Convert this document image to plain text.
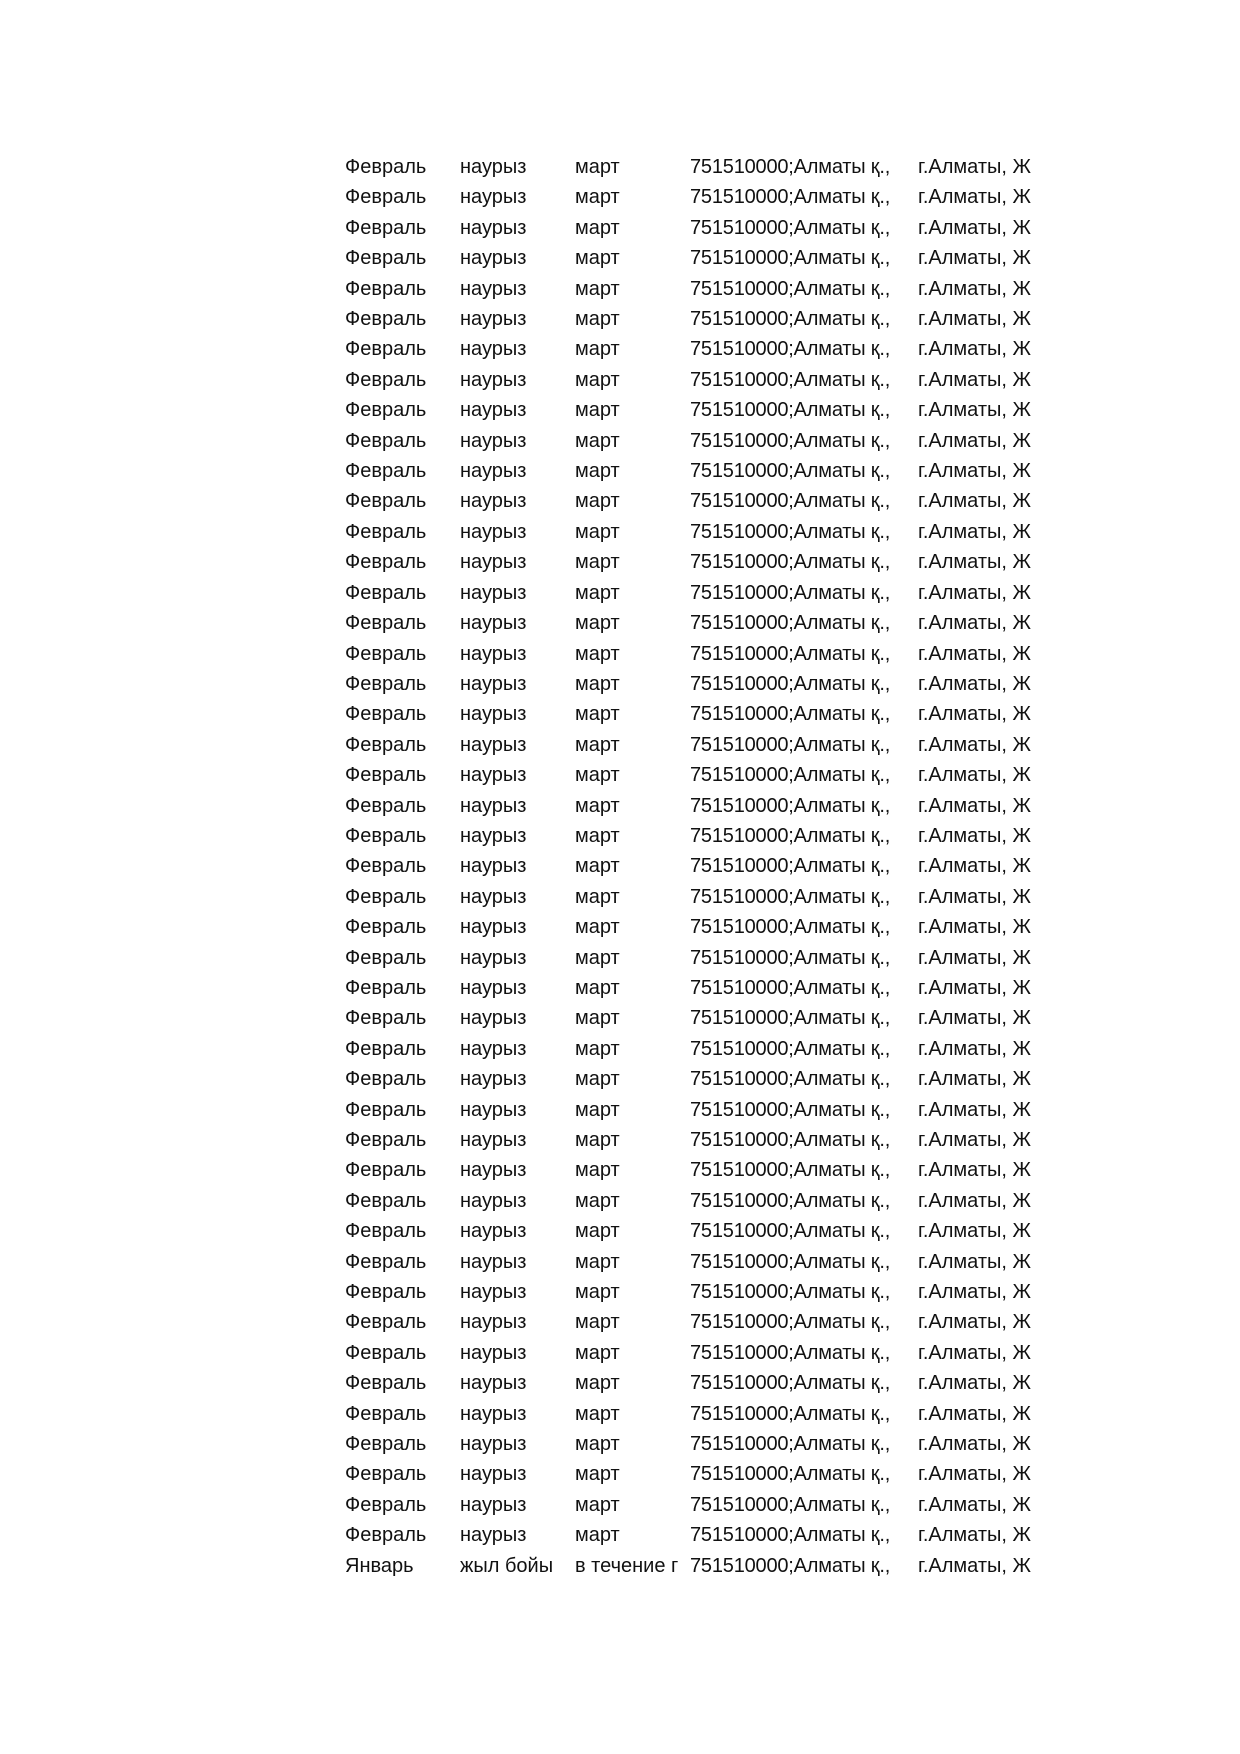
Февраль	наурыз	март	751510000;Алматы қ.,	г.Алматы, Ж
Февраль	наурыз	март	751510000;Алматы қ.,	г.Алматы, Ж
Февраль	наурыз	март	751510000;Алматы қ.,	г.Алматы, Ж
Февраль	наурыз	март	751510000;Алматы қ.,	г.Алматы, Ж
Февраль	наурыз	март	751510000;Алматы қ.,	г.Алматы, Ж
Февраль	наурыз	март	751510000;Алматы қ.,	г.Алматы, Ж
Февраль	наурыз	март	751510000;Алматы қ.,	г.Алматы, Ж
Февраль	наурыз	март	751510000;Алматы қ.,	г.Алматы, Ж
Февраль	наурыз	март	751510000;Алматы қ.,	г.Алматы, Ж
Февраль	наурыз	март	751510000;Алматы қ.,	г.Алматы, Ж
Февраль	наурыз	март	751510000;Алматы қ.,	г.Алматы, Ж
Февраль	наурыз	март	751510000;Алматы қ.,	г.Алматы, Ж
Февраль	наурыз	март	751510000;Алматы қ.,	г.Алматы, Ж
Февраль	наурыз	март	751510000;Алматы қ.,	г.Алматы, Ж
Февраль	наурыз	март	751510000;Алматы қ.,	г.Алматы, Ж
Февраль	наурыз	март	751510000;Алматы қ.,	г.Алматы, Ж
Февраль	наурыз	март	751510000;Алматы қ.,	г.Алматы, Ж
Февраль	наурыз	март	751510000;Алматы қ.,	г.Алматы, Ж
Февраль	наурыз	март	751510000;Алматы қ.,	г.Алматы, Ж
Февраль	наурыз	март	751510000;Алматы қ.,	г.Алматы, Ж
Февраль	наурыз	март	751510000;Алматы қ.,	г.Алматы, Ж
Февраль	наурыз	март	751510000;Алматы қ.,	г.Алматы, Ж
Февраль	наурыз	март	751510000;Алматы қ.,	г.Алматы, Ж
Февраль	наурыз	март	751510000;Алматы қ.,	г.Алматы, Ж
Февраль	наурыз	март	751510000;Алматы қ.,	г.Алматы, Ж
Февраль	наурыз	март	751510000;Алматы қ.,	г.Алматы, Ж
Февраль	наурыз	март	751510000;Алматы қ.,	г.Алматы, Ж
Февраль	наурыз	март	751510000;Алматы қ.,	г.Алматы, Ж
Февраль	наурыз	март	751510000;Алматы қ.,	г.Алматы, Ж
Февраль	наурыз	март	751510000;Алматы қ.,	г.Алматы, Ж
Февраль	наурыз	март	751510000;Алматы қ.,	г.Алматы, Ж
Февраль	наурыз	март	751510000;Алматы қ.,	г.Алматы, Ж
Февраль	наурыз	март	751510000;Алматы қ.,	г.Алматы, Ж
Февраль	наурыз	март	751510000;Алматы қ.,	г.Алматы, Ж
Февраль	наурыз	март	751510000;Алматы қ.,	г.Алматы, Ж
Февраль	наурыз	март	751510000;Алматы қ.,	г.Алматы, Ж
Февраль	наурыз	март	751510000;Алматы қ.,	г.Алматы, Ж
Февраль	наурыз	март	751510000;Алматы қ.,	г.Алматы, Ж
Февраль	наурыз	март	751510000;Алматы қ.,	г.Алматы, Ж
Февраль	наурыз	март	751510000;Алматы қ.,	г.Алматы, Ж
Февраль	наурыз	март	751510000;Алматы қ.,	г.Алматы, Ж
Февраль	наурыз	март	751510000;Алматы қ.,	г.Алматы, Ж
Февраль	наурыз	март	751510000;Алматы қ.,	г.Алматы, Ж
Февраль	наурыз	март	751510000;Алматы қ.,	г.Алматы, Ж
Февраль	наурыз	март	751510000;Алматы қ.,	г.Алматы, Ж
Февраль	наурыз	март	751510000;Алматы қ.,	г.Алматы, Ж
Январь	жыл бойы	в течение г	751510000;Алматы қ.,	г.Алматы, Ж
